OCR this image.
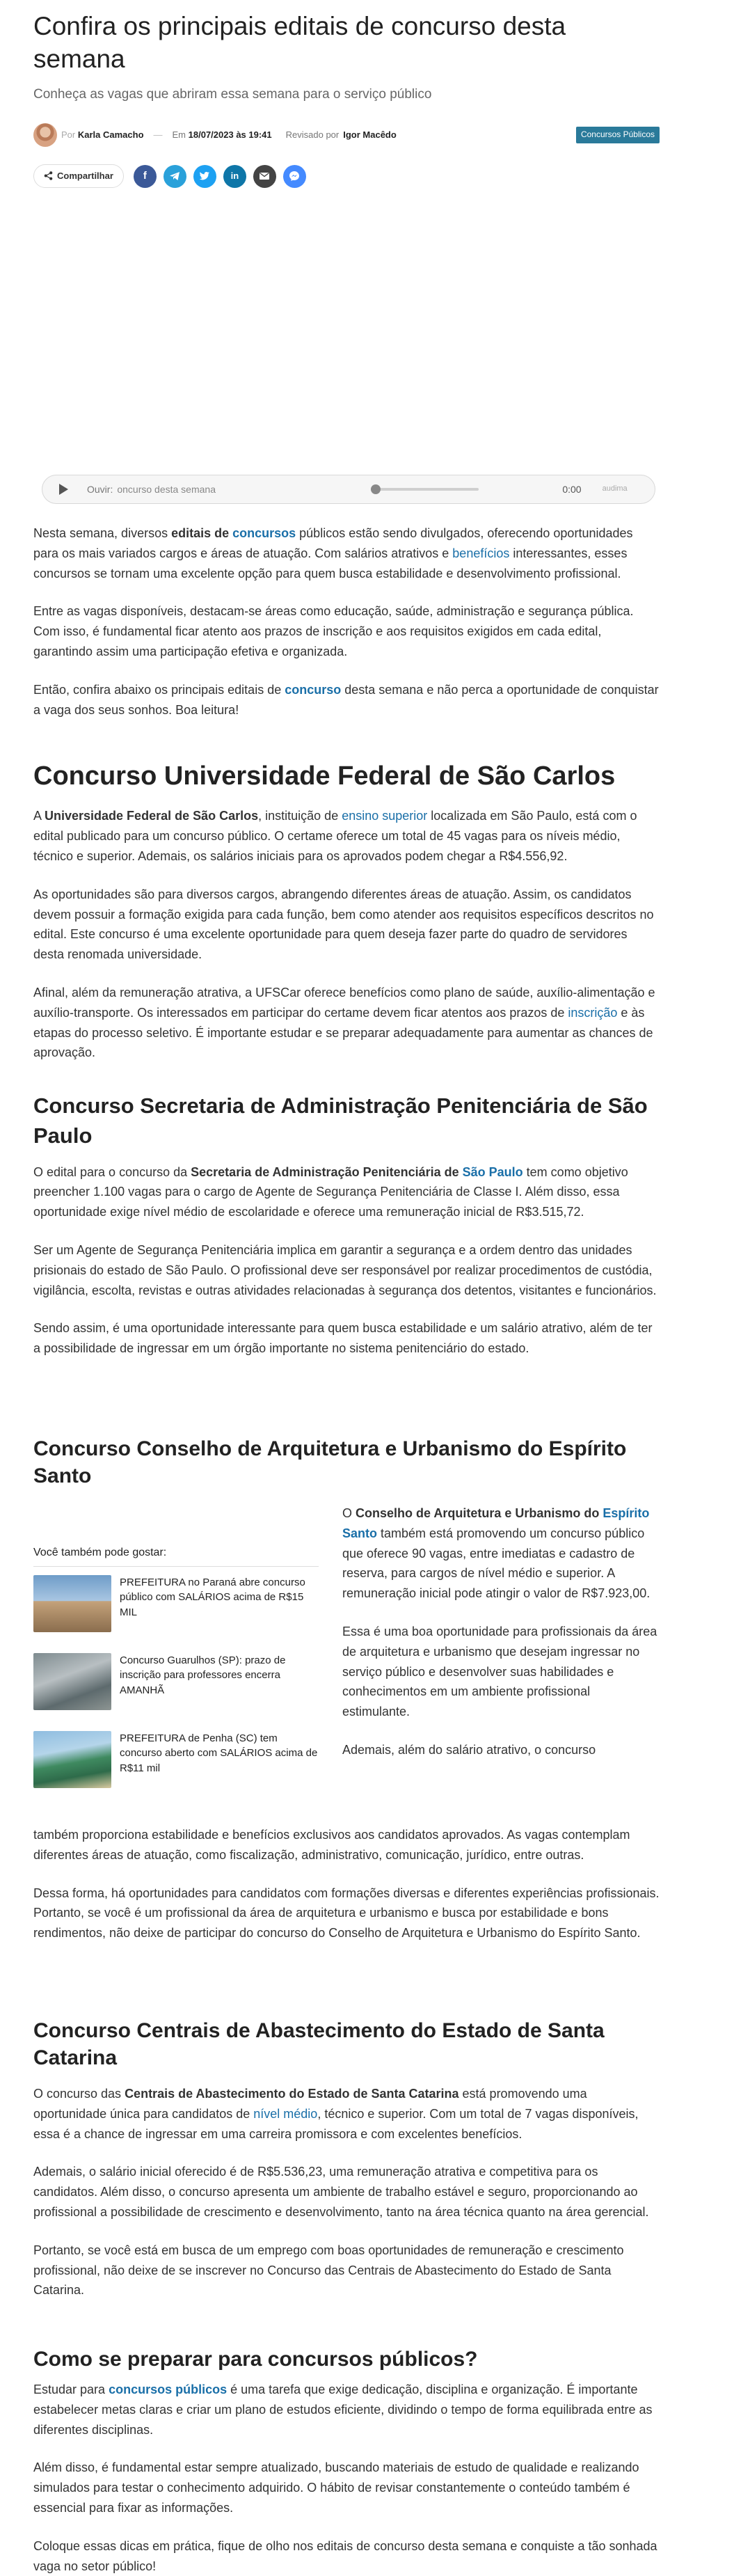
Confira os principais editais de concurso desta semana

Conheça as vagas que abriram essa semana para o serviço público

Por
Karla Camacho — Em
18/07/2023 às 19:41 Revisado por Igor Macêdo	Concursos Públicos
Compartilhar	f	in
Ouvir: oncurso desta semana	0:00	audima

Nesta semana, diversos editais de concursos públicos estão sendo divulgados, oferecendo oportunidades para os mais variados cargos e áreas de atuação. Com salários atrativos e benefícios interessantes, esses concursos se tornam uma excelente opção para quem busca estabilidade e desenvolvimento profissional.

Entre as vagas disponíveis, destacam-se áreas como educação, saúde, administração e segurança pública. Com isso, é fundamental ficar atento aos prazos de inscrição e aos requisitos exigidos em cada edital, garantindo assim uma participação efetiva e organizada.

Então, confira abaixo os principais editais de concurso desta semana e não perca a oportunidade de conquistar a vaga dos seus sonhos. Boa leitura!

Concurso Universidade Federal de São Carlos

A Universidade Federal de São Carlos, instituição de ensino superior localizada em São Paulo, está com o edital publicado para um concurso público. O certame oferece um total de 45 vagas para os níveis médio, técnico e superior. Ademais, os salários iniciais para os aprovados podem chegar a R$4.556,92.

As oportunidades são para diversos cargos, abrangendo diferentes áreas de atuação. Assim, os candidatos devem possuir a formação exigida para cada função, bem como atender aos requisitos específicos descritos no edital. Este concurso é uma excelente oportunidade para quem deseja fazer parte do quadro de servidores desta renomada universidade.

Afinal, além da remuneração atrativa, a UFSCar oferece benefícios como plano de saúde, auxílio-alimentação e auxílio-transporte. Os interessados em participar do certame devem ficar atentos aos prazos de inscrição e às etapas do processo seletivo. É importante estudar e se preparar adequadamente para aumentar as chances de aprovação.

Concurso Secretaria de Administração Penitenciária de São Paulo

O edital para o concurso da Secretaria de Administração Penitenciária de São Paulo tem como objetivo preencher 1.100 vagas para o cargo de Agente de Segurança Penitenciária de Classe I. Além disso, essa oportunidade exige nível médio de escolaridade e oferece uma remuneração inicial de R$3.515,72.

Ser um Agente de Segurança Penitenciária implica em garantir a segurança e a ordem dentro das unidades prisionais do estado de São Paulo. O profissional deve ser responsável por realizar procedimentos de custódia, vigilância, escolta, revistas e outras atividades relacionadas à segurança dos detentos, visitantes e funcionários.

Sendo assim, é uma oportunidade interessante para quem busca estabilidade e um salário atrativo, além de ter a possibilidade de ingressar em um órgão importante no sistema penitenciário do estado.

Concurso Conselho de Arquitetura e Urbanismo do Espírito Santo
Você também pode gostar:
PREFEITURA no Paraná abre concurso público com SALÁRIOS acima de R$15 MIL
Concurso Guarulhos (SP): prazo de inscrição para professores encerra AMANHÃ
PREFEITURA de Penha (SC) tem concurso aberto com SALÁRIOS acima de R$11 mil

O Conselho de Arquitetura e Urbanismo do Espírito Santo também está promovendo um concurso público que oferece 90 vagas, entre imediatas e cadastro de reserva, para cargos de nível médio e superior. A remuneração inicial pode atingir o valor de R$7.923,00.

Essa é uma boa oportunidade para profissionais da área de arquitetura e urbanismo que desejam ingressar no serviço público e desenvolver suas habilidades e conhecimentos em um ambiente profissional estimulante.

Ademais, além do salário atrativo, o concurso

também proporciona estabilidade e benefícios exclusivos aos candidatos aprovados. As vagas contemplam diferentes áreas de atuação, como fiscalização, administrativo, comunicação, jurídico, entre outras.

Dessa forma, há oportunidades para candidatos com formações diversas e diferentes experiências profissionais. Portanto, se você é um profissional da área de arquitetura e urbanismo e busca por estabilidade e bons rendimentos, não deixe de participar do concurso do Conselho de Arquitetura e Urbanismo do Espírito Santo.

Concurso Centrais de Abastecimento do Estado de Santa Catarina

O concurso das Centrais de Abastecimento do Estado de Santa Catarina está promovendo uma oportunidade única para candidatos de nível médio, técnico e superior. Com um total de 7 vagas disponíveis, essa é a chance de ingressar em uma carreira promissora e com excelentes benefícios.

Ademais, o salário inicial oferecido é de R$5.536,23, uma remuneração atrativa e competitiva para os candidatos. Além disso, o concurso apresenta um ambiente de trabalho estável e seguro, proporcionando ao profissional a possibilidade de crescimento e desenvolvimento, tanto na área técnica quanto na área gerencial.

Portanto, se você está em busca de um emprego com boas oportunidades de remuneração e crescimento profissional, não deixe de se inscrever no Concurso das Centrais de Abastecimento do Estado de Santa Catarina.

Como se preparar para concursos públicos?

Estudar para concursos públicos é uma tarefa que exige dedicação, disciplina e organização. É importante estabelecer metas claras e criar um plano de estudos eficiente, dividindo o tempo de forma equilibrada entre as diferentes disciplinas.

Além disso, é fundamental estar sempre atualizado, buscando materiais de estudo de qualidade e realizando simulados para testar o conhecimento adquirido. O hábito de revisar constantemente o conteúdo também é essencial para fixar as informações.

Coloque essas dicas em prática, fique de olho nos editais de concurso desta semana e conquiste a tão sonhada vaga no setor público!
